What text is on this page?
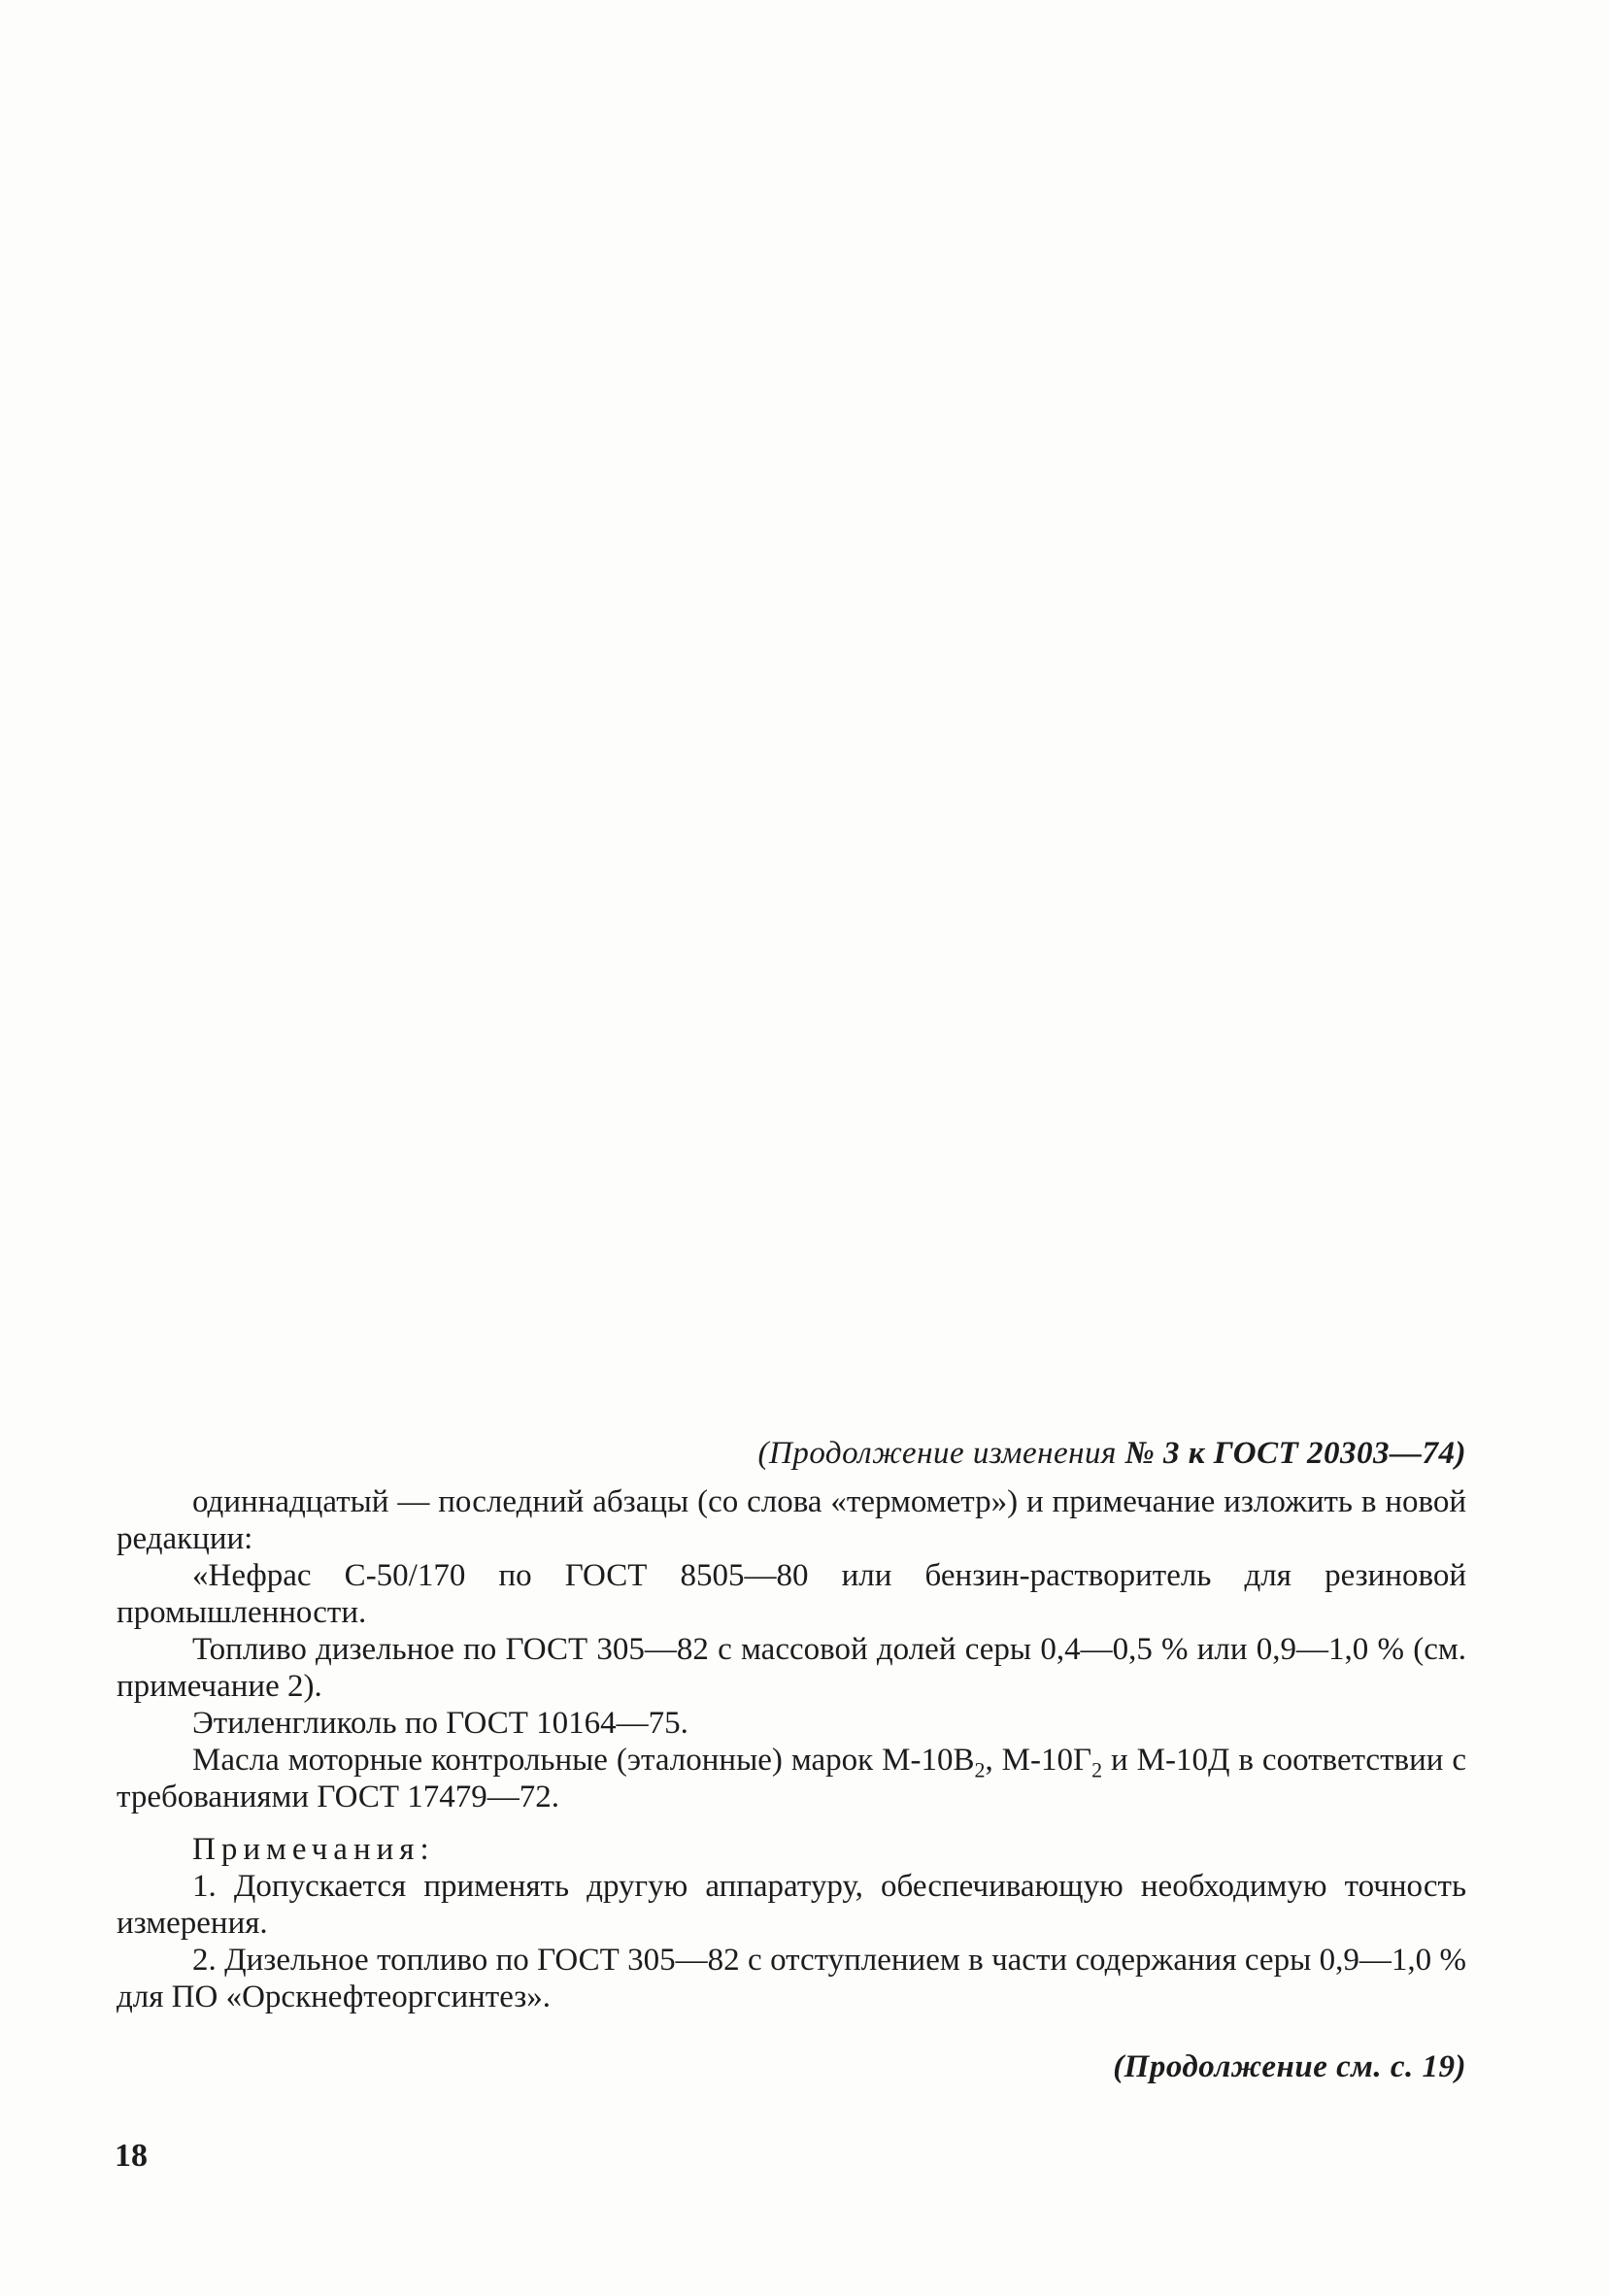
(Продолжение изменения № 3 к ГОСТ 20303—74)

одиннадцатый — последний абзацы (со слова «термометр») и примечание изложить в новой редакции:

«Нефрас С-50/170 по ГОСТ 8505—80 или бензин-растворитель для резиновой промышленности.

Топливо дизельное по ГОСТ 305—82 с массовой долей серы 0,4—0,5 % или 0,9—1,0 % (см. примечание 2).

Этиленгликоль по ГОСТ 10164—75.

Масла моторные контрольные (эталонные) марок $М-10В_2$, $М-10Г_2$ и М-10Д в соответствии с требованиями ГОСТ 17479—72.

Примечания:

1. Допускается применять другую аппаратуру, обеспечивающую необходимую точность измерения.

2. Дизельное топливо по ГОСТ 305—82 с отступлением в части содержания серы 0,9—1,0 % для ПО «Орскнефтеоргсинтез».

(Продолжение см. с. 19)
18
